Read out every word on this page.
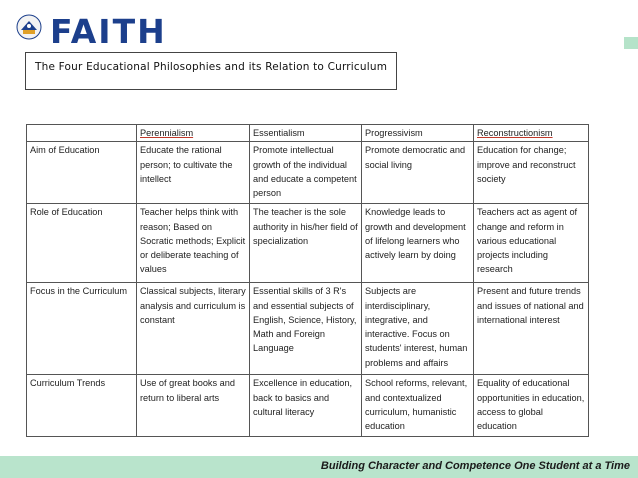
FAITH
The Four Educational Philosophies and its Relation to Curriculum
	Perennialism	Essentialism	Progressivism	Reconstructionism
Aim of Education	Educate the rational person; to cultivate the intellect	Promote intellectual growth of the individual and educate a competent person	Promote democratic and social living	Education for change; improve and reconstruct society
Role of Education	Teacher helps think with reason; Based on Socratic methods; Explicit or deliberate teaching of values	The teacher is the sole authority in his/her field of specialization	Knowledge leads to growth and development of lifelong learners who actively learn by doing	Teachers act as agent of change and reform in various educational projects including research
Focus in the Curriculum	Classical subjects, literary analysis and curriculum is constant	Essential skills of 3 R's and essential subjects of English, Science, History, Math and Foreign Language	Subjects are interdisciplinary, integrative, and interactive. Focus on students' interest, human problems and affairs	Present and future trends and issues of national and international interest
Curriculum Trends	Use of great books and return to liberal arts	Excellence in education, back to basics and cultural literacy	School reforms, relevant, and contextualized curriculum, humanistic education	Equality of educational opportunities in education, access to global education
Building Character and Competence One Student at a Time
